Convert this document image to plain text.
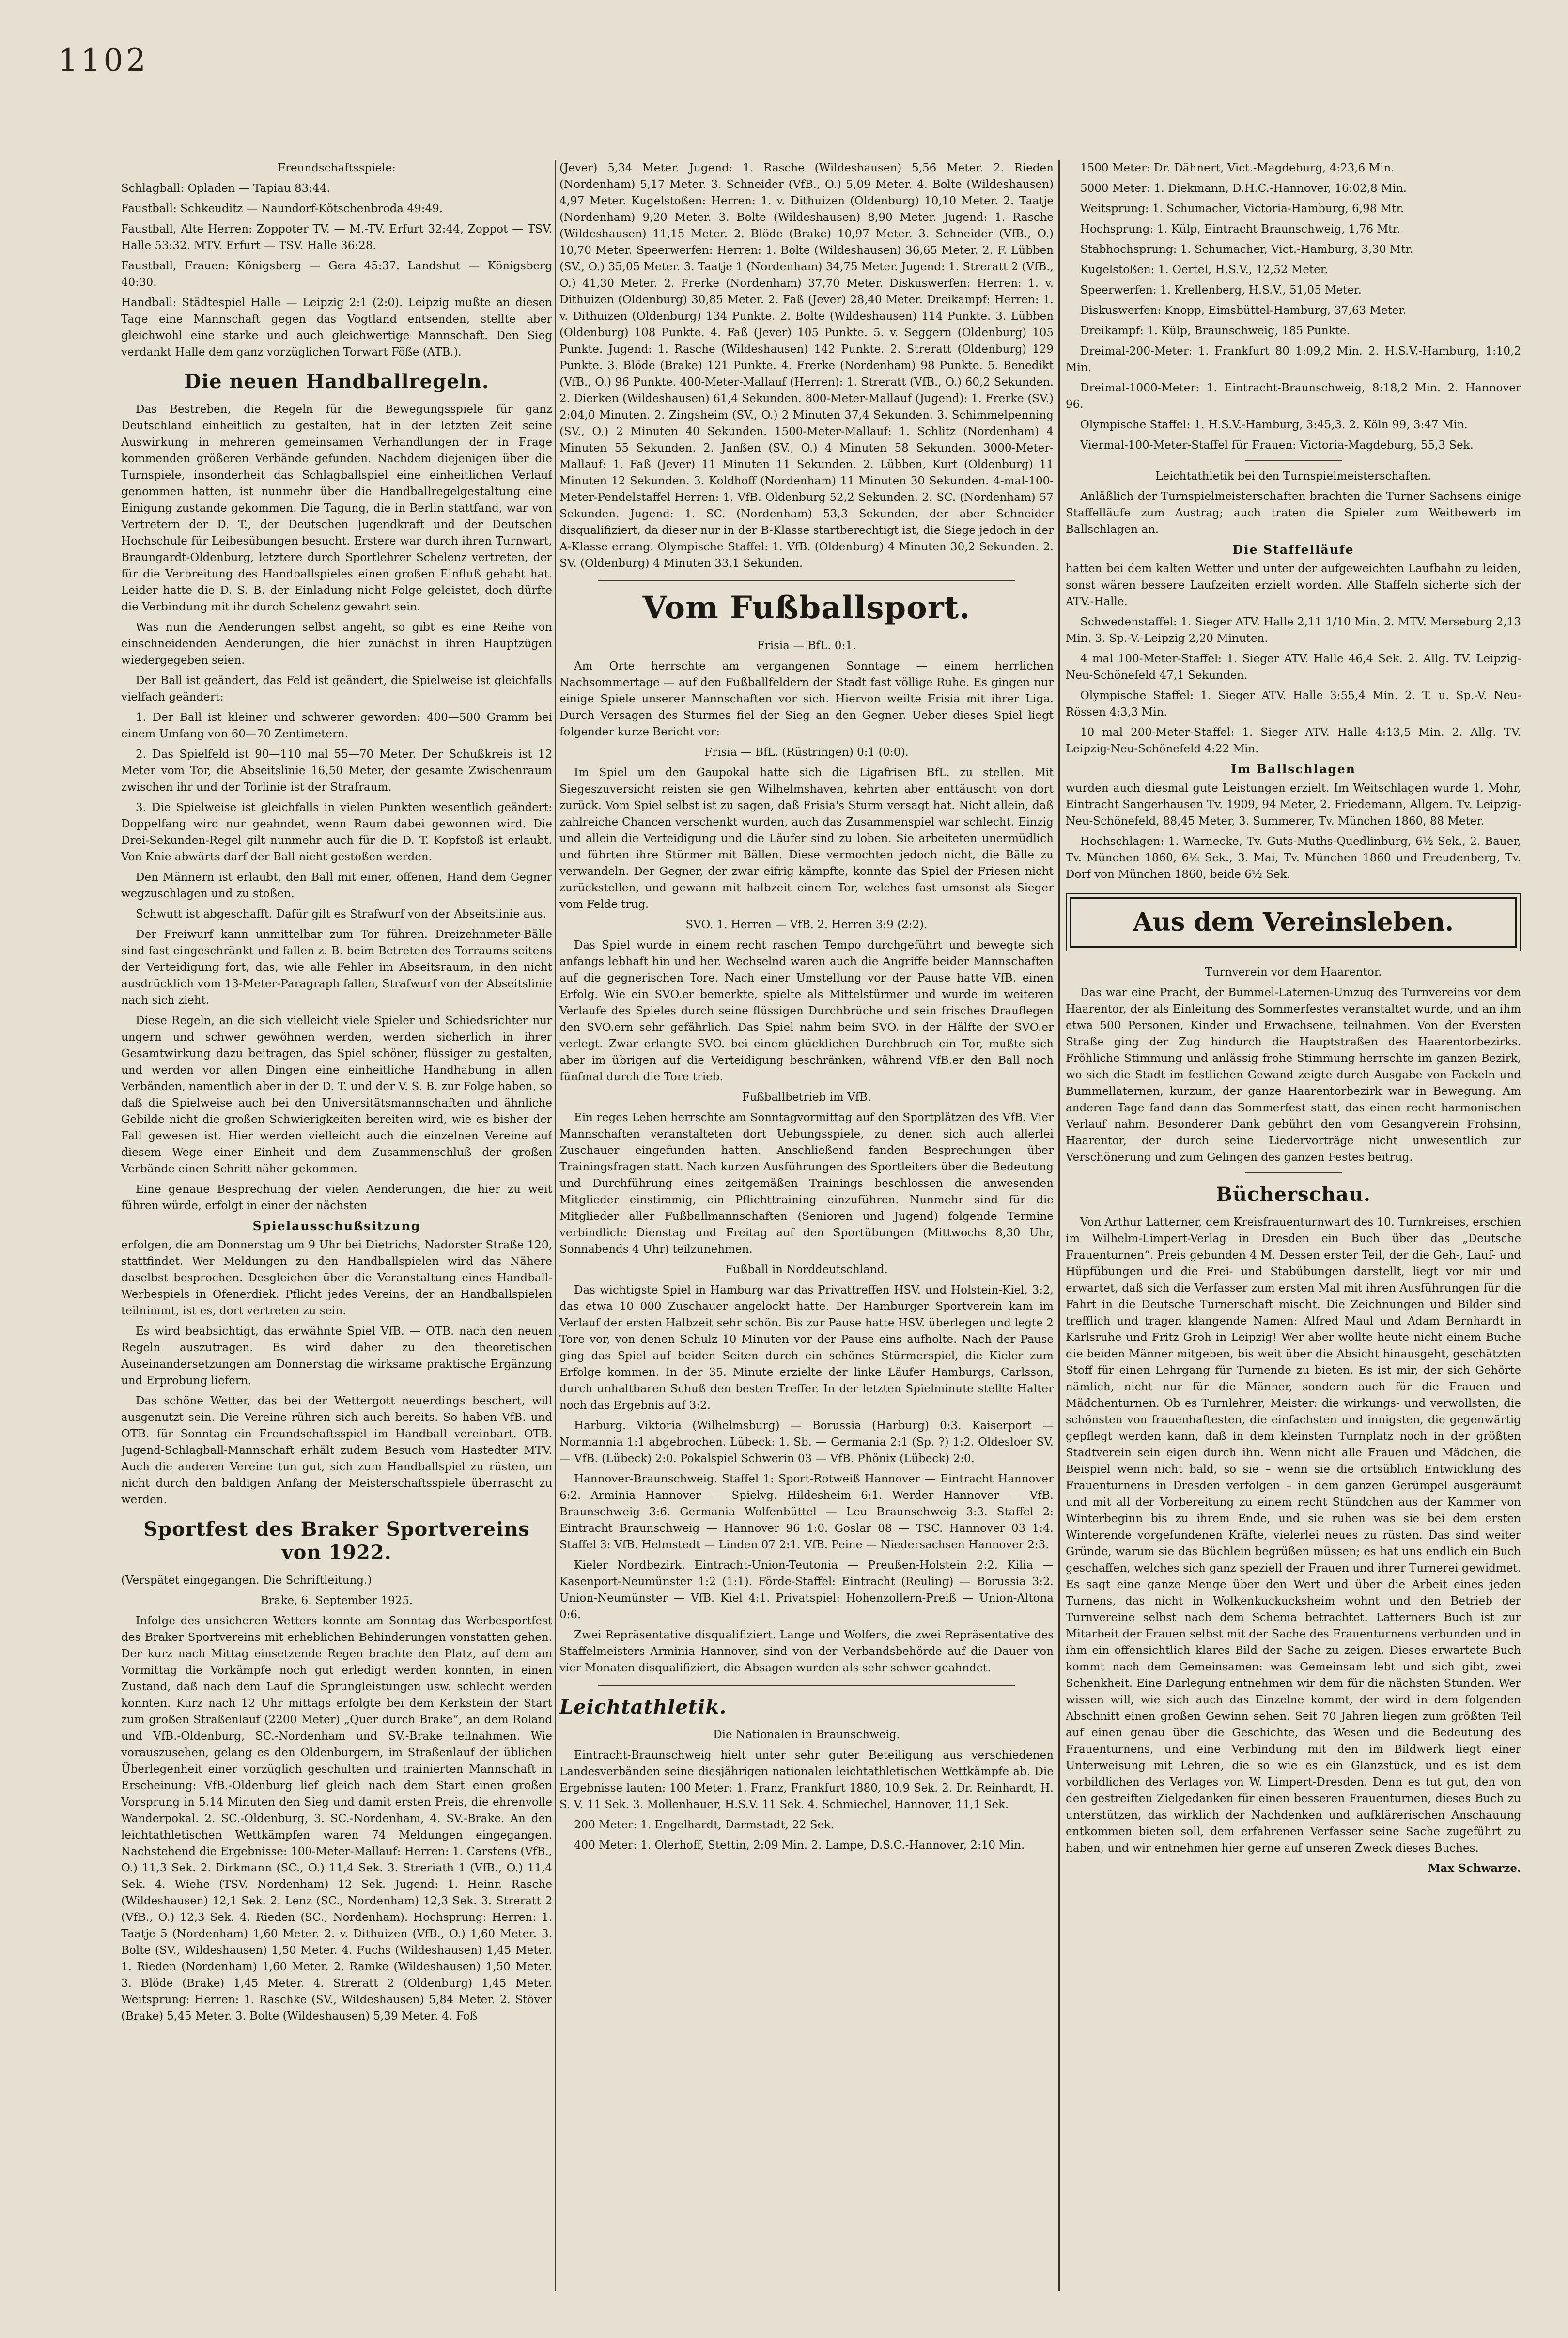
1102

Freundschaftsspiele:

Schlagball: Opladen — Tapiau 83:44.

Faustball: Schkeuditz — Naundorf-Kötschenbroda 49:49.

Faustball, Alte Herren: Zoppoter TV. — M.-TV. Erfurt 32:44, Zoppot — TSV. Halle 53:32. MTV. Erfurt — TSV. Halle 36:28.

Faustball, Frauen: Königsberg — Gera 45:37. Landshut — Königsberg 40:30.

Handball: Städtespiel Halle — Leipzig 2:1 (2:0). Leipzig mußte an diesen Tage eine Mannschaft gegen das Vogtland entsenden, stellte aber gleichwohl eine starke und auch gleichwertige Mannschaft. Den Sieg verdankt Halle dem ganz vorzüglichen Torwart Föße (ATB.).

Die neuen Handballregeln.

Das Bestreben, die Regeln für die Bewegungsspiele für ganz Deutschland einheitlich zu gestalten, hat in der letzten Zeit seine Auswirkung in mehreren gemeinsamen Verhandlungen der in Frage kommenden größeren Verbände gefunden. Nachdem diejenigen über die Turnspiele, insonderheit das Schlagballspiel eine einheitlichen Verlauf genommen hatten, ist nunmehr über die Handballregelgestaltung eine Einigung zustande gekommen. Die Tagung, die in Berlin stattfand, war von Vertretern der D. T., der Deutschen Jugendkraft und der Deutschen Hochschule für Leibesübungen besucht. Erstere war durch ihren Turnwart, Braungardt-Oldenburg, letztere durch Sportlehrer Schelenz vertreten, der für die Verbreitung des Handballspieles einen großen Einfluß gehabt hat. Leider hatte die D. S. B. der Einladung nicht Folge geleistet, doch dürfte die Verbindung mit ihr durch Schelenz gewahrt sein.

Was nun die Aenderungen selbst angeht, so gibt es eine Reihe von einschneidenden Aenderungen, die hier zunächst in ihren Hauptzügen wiedergegeben seien.

Der Ball ist geändert, das Feld ist geändert, die Spielweise ist gleichfalls vielfach geändert:

1. Der Ball ist kleiner und schwerer geworden: 400—500 Gramm bei einem Umfang von 60—70 Zentimetern.

2. Das Spielfeld ist 90—110 mal 55—70 Meter. Der Schußkreis ist 12 Meter vom Tor, die Abseitslinie 16,50 Meter, der gesamte Zwischenraum zwischen ihr und der Torlinie ist der Strafraum.

3. Die Spielweise ist gleichfalls in vielen Punkten wesentlich geändert: Doppelfang wird nur geahndet, wenn Raum dabei gewonnen wird. Die Drei-Sekunden-Regel gilt nunmehr auch für die D. T. Kopfstoß ist erlaubt. Von Knie abwärts darf der Ball nicht gestoßen werden.

Den Männern ist erlaubt, den Ball mit einer, offenen, Hand dem Gegner wegzuschlagen und zu stoßen.

Schwutt ist abgeschafft. Dafür gilt es Strafwurf von der Abseitslinie aus.

Der Freiwurf kann unmittelbar zum Tor führen. Dreizehnmeter-Bälle sind fast eingeschränkt und fallen z. B. beim Betreten des Torraums seitens der Verteidigung fort, das, wie alle Fehler im Abseitsraum, in den nicht ausdrücklich vom 13-Meter-Paragraph fallen, Strafwurf von der Abseitslinie nach sich zieht.

Diese Regeln, an die sich vielleicht viele Spieler und Schiedsrichter nur ungern und schwer gewöhnen werden, werden sicherlich in ihrer Gesamtwirkung dazu beitragen, das Spiel schöner, flüssiger zu gestalten, und werden vor allen Dingen eine einheitliche Handhabung in allen Verbänden, namentlich aber in der D. T. und der V. S. B. zur Folge haben, so daß die Spielweise auch bei den Universitätsmannschaften und ähnliche Gebilde nicht die großen Schwierigkeiten bereiten wird, wie es bisher der Fall gewesen ist. Hier werden vielleicht auch die einzelnen Vereine auf diesem Wege einer Einheit und dem Zusammenschluß der großen Verbände einen Schritt näher gekommen.

Eine genaue Besprechung der vielen Aenderungen, die hier zu weit führen würde, erfolgt in einer der nächsten

Spielausschußsitzung

erfolgen, die am Donnerstag um 9 Uhr bei Dietrichs, Nadorster Straße 120, stattfindet. Wer Meldungen zu den Handballspielen wird das Nähere daselbst besprochen. Desgleichen über die Veranstaltung eines Handball-Werbespiels in Ofenerdiek. Pflicht jedes Vereins, der an Handballspielen teilnimmt, ist es, dort vertreten zu sein.

Es wird beabsichtigt, das erwähnte Spiel VfB. — OTB. nach den neuen Regeln auszutragen. Es wird daher zu den theoretischen Auseinandersetzungen am Donnerstag die wirksame praktische Ergänzung und Erprobung liefern.

Das schöne Wetter, das bei der Wettergott neuerdings beschert, will ausgenutzt sein. Die Vereine rühren sich auch bereits. So haben VfB. und OTB. für Sonntag ein Freundschaftsspiel im Handball vereinbart. OTB. Jugend-Schlagball-Mannschaft erhält zudem Besuch vom Hastedter MTV. Auch die anderen Vereine tun gut, sich zum Handballspiel zu rüsten, um nicht durch den baldigen Anfang der Meisterschaftsspiele überrascht zu werden.

Sportfest des Braker Sportvereins von 1922.

(Verspätet eingegangen. Die Schriftleitung.)

Brake, 6. September 1925.

Infolge des unsicheren Wetters konnte am Sonntag das Werbesportfest des Braker Sportvereins mit erheblichen Behinderungen vonstatten gehen. Der kurz nach Mittag einsetzende Regen brachte den Platz, auf dem am Vormittag die Vorkämpfe noch gut erledigt werden konnten, in einen Zustand, daß nach dem Lauf die Sprungleistungen usw. schlecht werden konnten. Kurz nach 12 Uhr mittags erfolgte bei dem Kerkstein der Start zum großen Straßenlauf (2200 Meter) „Quer durch Brake“, an dem Roland und VfB.-Oldenburg, SC.-Nordenham und SV.-Brake teilnahmen. Wie vorauszusehen, gelang es den Oldenburgern, im Straßenlauf der üblichen Überlegenheit einer vorzüglich geschulten und trainierten Mannschaft in Erscheinung: VfB.-Oldenburg lief gleich nach dem Start einen großen Vorsprung in 5.14 Minuten den Sieg und damit ersten Preis, die ehrenvolle Wanderpokal. 2. SC.-Oldenburg, 3. SC.-Nordenham, 4. SV.-Brake. An den leichtathletischen Wettkämpfen waren 74 Meldungen eingegangen. Nachstehend die Ergebnisse: 100-Meter-Mallauf: Herren: 1. Carstens (VfB., O.) 11,3 Sek. 2. Dirkmann (SC., O.) 11,4 Sek. 3. Streriath 1 (VfB., O.) 11,4 Sek. 4. Wiehe (TSV. Nordenham) 12 Sek. Jugend: 1. Heinr. Rasche (Wildeshausen) 12,1 Sek. 2. Lenz (SC., Nordenham) 12,3 Sek. 3. Streratt 2 (VfB., O.) 12,3 Sek. 4. Rieden (SC., Nordenham). Hochsprung: Herren: 1. Taatje 5 (Nordenham) 1,60 Meter. 2. v. Dithuizen (VfB., O.) 1,60 Meter. 3. Bolte (SV., Wildeshausen) 1,50 Meter. 4. Fuchs (Wildeshausen) 1,45 Meter. 1. Rieden (Nordenham) 1,60 Meter. 2. Ramke (Wildeshausen) 1,50 Meter. 3. Blöde (Brake) 1,45 Meter. 4. Streratt 2 (Oldenburg) 1,45 Meter. Weitsprung: Herren: 1. Raschke (SV., Wildeshausen) 5,84 Meter. 2. Stöver (Brake) 5,45 Meter. 3. Bolte (Wildeshausen) 5,39 Meter. 4. Foß

(Jever) 5,34 Meter. Jugend: 1. Rasche (Wildeshausen) 5,56 Meter. 2. Rieden (Nordenham) 5,17 Meter. 3. Schneider (VfB., O.) 5,09 Meter. 4. Bolte (Wildeshausen) 4,97 Meter. Kugelstoßen: Herren: 1. v. Dithuizen (Oldenburg) 10,10 Meter. 2. Taatje (Nordenham) 9,20 Meter. 3. Bolte (Wildeshausen) 8,90 Meter. Jugend: 1. Rasche (Wildeshausen) 11,15 Meter. 2. Blöde (Brake) 10,97 Meter. 3. Schneider (VfB., O.) 10,70 Meter. Speerwerfen: Herren: 1. Bolte (Wildeshausen) 36,65 Meter. 2. F. Lübben (SV., O.) 35,05 Meter. 3. Taatje 1 (Nordenham) 34,75 Meter. Jugend: 1. Streratt 2 (VfB., O.) 41,30 Meter. 2. Frerke (Nordenham) 37,70 Meter. Diskuswerfen: Herren: 1. v. Dithuizen (Oldenburg) 30,85 Meter. 2. Faß (Jever) 28,40 Meter. Dreikampf: Herren: 1. v. Dithuizen (Oldenburg) 134 Punkte. 2. Bolte (Wildeshausen) 114 Punkte. 3. Lübben (Oldenburg) 108 Punkte. 4. Faß (Jever) 105 Punkte. 5. v. Seggern (Oldenburg) 105 Punkte. Jugend: 1. Rasche (Wildeshausen) 142 Punkte. 2. Streratt (Oldenburg) 129 Punkte. 3. Blöde (Brake) 121 Punkte. 4. Frerke (Nordenham) 98 Punkte. 5. Benedikt (VfB., O.) 96 Punkte. 400-Meter-Mallauf (Herren): 1. Streratt (VfB., O.) 60,2 Sekunden. 2. Dierken (Wildeshausen) 61,4 Sekunden. 800-Meter-Mallauf (Jugend): 1. Frerke (SV.) 2:04,0 Minuten. 2. Zingsheim (SV., O.) 2 Minuten 37,4 Sekunden. 3. Schimmelpenning (SV., O.) 2 Minuten 40 Sekunden. 1500-Meter-Mallauf: 1. Schlitz (Nordenham) 4 Minuten 55 Sekunden. 2. Janßen (SV., O.) 4 Minuten 58 Sekunden. 3000-Meter-Mallauf: 1. Faß (Jever) 11 Minuten 11 Sekunden. 2. Lübben, Kurt (Oldenburg) 11 Minuten 12 Sekunden. 3. Koldhoff (Nordenham) 11 Minuten 30 Sekunden. 4-mal-100-Meter-Pendelstaffel Herren: 1. VfB. Oldenburg 52,2 Sekunden. 2. SC. (Nordenham) 57 Sekunden. Jugend: 1. SC. (Nordenham) 53,3 Sekunden, der aber Schneider disqualifiziert, da dieser nur in der B-Klasse startberechtigt ist, die Siege jedoch in der A-Klasse errang. Olympische Staffel: 1. VfB. (Oldenburg) 4 Minuten 30,2 Sekunden. 2. SV. (Oldenburg) 4 Minuten 33,1 Sekunden.

Vom Fußballsport.

Frisia — BfL. 0:1.

Am Orte herrschte am vergangenen Sonntage — einem herrlichen Nachsommertage — auf den Fußballfeldern der Stadt fast völlige Ruhe. Es gingen nur einige Spiele unserer Mannschaften vor sich. Hiervon weilte Frisia mit ihrer Liga. Durch Versagen des Sturmes fiel der Sieg an den Gegner. Ueber dieses Spiel liegt folgender kurze Bericht vor:

Frisia — BfL. (Rüstringen) 0:1 (0:0).

Im Spiel um den Gaupokal hatte sich die Ligafrisen BfL. zu stellen. Mit Siegeszuversicht reisten sie gen Wilhelmshaven, kehrten aber enttäuscht von dort zurück. Vom Spiel selbst ist zu sagen, daß Frisia's Sturm versagt hat. Nicht allein, daß zahlreiche Chancen verschenkt wurden, auch das Zusammenspiel war schlecht. Einzig und allein die Verteidigung und die Läufer sind zu loben. Sie arbeiteten unermüdlich und führten ihre Stürmer mit Bällen. Diese vermochten jedoch nicht, die Bälle zu verwandeln. Der Gegner, der zwar eifrig kämpfte, konnte das Spiel der Friesen nicht zurückstellen, und gewann mit halbzeit einem Tor, welches fast umsonst als Sieger vom Felde trug.

SVO. 1. Herren — VfB. 2. Herren 3:9 (2:2).

Das Spiel wurde in einem recht raschen Tempo durchgeführt und bewegte sich anfangs lebhaft hin und her. Wechselnd waren auch die Angriffe beider Mannschaften auf die gegnerischen Tore. Nach einer Umstellung vor der Pause hatte VfB. einen Erfolg. Wie ein SVO.er bemerkte, spielte als Mittelstürmer und wurde im weiteren Verlaufe des Spieles durch seine flüssigen Durchbrüche und sein frisches Drauflegen den SVO.ern sehr gefährlich. Das Spiel nahm beim SVO. in der Hälfte der SVO.er verlegt. Zwar erlangte SVO. bei einem glücklichen Durchbruch ein Tor, mußte sich aber im übrigen auf die Verteidigung beschränken, während VfB.er den Ball noch fünfmal durch die Tore trieb.

Fußballbetrieb im VfB.

Ein reges Leben herrschte am Sonntagvormittag auf den Sportplätzen des VfB. Vier Mannschaften veranstalteten dort Uebungsspiele, zu denen sich auch allerlei Zuschauer eingefunden hatten. Anschließend fanden Besprechungen über Trainingsfragen statt. Nach kurzen Ausführungen des Sportleiters über die Bedeutung und Durchführung eines zeitgemäßen Trainings beschlossen die anwesenden Mitglieder einstimmig, ein Pflichttraining einzuführen. Nunmehr sind für die Mitglieder aller Fußballmannschaften (Senioren und Jugend) folgende Termine verbindlich: Dienstag und Freitag auf den Sportübungen (Mittwochs 8,30 Uhr, Sonnabends 4 Uhr) teilzunehmen.

Fußball in Norddeutschland.

Das wichtigste Spiel in Hamburg war das Privattreffen HSV. und Holstein-Kiel, 3:2, das etwa 10 000 Zuschauer angelockt hatte. Der Hamburger Sportverein kam im Verlauf der ersten Halbzeit sehr schön. Bis zur Pause hatte HSV. überlegen und legte 2 Tore vor, von denen Schulz 10 Minuten vor der Pause eins aufholte. Nach der Pause ging das Spiel auf beiden Seiten durch ein schönes Stürmerspiel, die Kieler zum Erfolge kommen. In der 35. Minute erzielte der linke Läufer Hamburgs, Carlsson, durch unhaltbaren Schuß den besten Treffer. In der letzten Spielminute stellte Halter noch das Ergebnis auf 3:2.

Harburg. Viktoria (Wilhelmsburg) — Borussia (Harburg) 0:3. Kaiserport — Normannia 1:1 abgebrochen. Lübeck: 1. Sb. — Germania 2:1 (Sp. ?) 1:2. Oldesloer SV. — VfB. (Lübeck) 2:0. Pokalspiel Schwerin 03 — VfB. Phönix (Lübeck) 2:0.

Hannover-Braunschweig. Staffel 1: Sport-Rotweiß Hannover — Eintracht Hannover 6:2. Arminia Hannover — Spielvg. Hildesheim 6:1. Werder Hannover — VfB. Braunschweig 3:6. Germania Wolfenbüttel — Leu Braunschweig 3:3. Staffel 2: Eintracht Braunschweig — Hannover 96 1:0. Goslar 08 — TSC. Hannover 03 1:4. Staffel 3: VfB. Helmstedt — Linden 07 2:1. VfB. Peine — Niedersachsen Hannover 2:3.

Kieler Nordbezirk. Eintracht-Union-Teutonia — Preußen-Holstein 2:2. Kilia — Kasenport-Neumünster 1:2 (1:1). Förde-Staffel: Eintracht (Reuling) — Borussia 3:2. Union-Neumünster — VfB. Kiel 4:1. Privatspiel: Hohenzollern-Preiß — Union-Altona 0:6.

Zwei Repräsentative disqualifiziert. Lange und Wolfers, die zwei Repräsentative des Staffelmeisters Arminia Hannover, sind von der Verbandsbehörde auf die Dauer von vier Monaten disqualifiziert, die Absagen wurden als sehr schwer geahndet.

Leichtathletik.

Die Nationalen in Braunschweig.

Eintracht-Braunschweig hielt unter sehr guter Beteiligung aus verschiedenen Landesverbänden seine diesjährigen nationalen leichtathletischen Wettkämpfe ab. Die Ergebnisse lauten: 100 Meter: 1. Franz, Frankfurt 1880, 10,9 Sek. 2. Dr. Reinhardt, H. S. V. 11 Sek. 3. Mollenhauer, H.S.V. 11 Sek. 4. Schmiechel, Hannover, 11,1 Sek.

200 Meter: 1. Engelhardt, Darmstadt, 22 Sek.

400 Meter: 1. Olerhoff, Stettin, 2:09 Min. 2. Lampe, D.S.C.-Hannover, 2:10 Min.

1500 Meter: Dr. Dähnert, Vict.-Magdeburg, 4:23,6 Min.

5000 Meter: 1. Diekmann, D.H.C.-Hannover, 16:02,8 Min.

Weitsprung: 1. Schumacher, Victoria-Hamburg, 6,98 Mtr.

Hochsprung: 1. Külp, Eintracht Braunschweig, 1,76 Mtr.

Stabhochsprung: 1. Schumacher, Vict.-Hamburg, 3,30 Mtr.

Kugelstoßen: 1. Oertel, H.S.V., 12,52 Meter.

Speerwerfen: 1. Krellenberg, H.S.V., 51,05 Meter.

Diskuswerfen: Knopp, Eimsbüttel-Hamburg, 37,63 Meter.

Dreikampf: 1. Külp, Braunschweig, 185 Punkte.

Dreimal-200-Meter: 1. Frankfurt 80 1:09,2 Min. 2. H.S.V.-Hamburg, 1:10,2 Min.

Dreimal-1000-Meter: 1. Eintracht-Braunschweig, 8:18,2 Min. 2. Hannover 96.

Olympische Staffel: 1. H.S.V.-Hamburg, 3:45,3. 2. Köln 99, 3:47 Min.

Viermal-100-Meter-Staffel für Frauen: Victoria-Magdeburg, 55,3 Sek.

Leichtathletik bei den Turnspielmeisterschaften.

Anläßlich der Turnspielmeisterschaften brachten die Turner Sachsens einige Staffelläufe zum Austrag; auch traten die Spieler zum Weitbewerb im Ballschlagen an.

Die Staffelläufe

hatten bei dem kalten Wetter und unter der aufgeweichten Laufbahn zu leiden, sonst wären bessere Laufzeiten erzielt worden. Alle Staffeln sicherte sich der ATV.-Halle.

Schwedenstaffel: 1. Sieger ATV. Halle 2,11 1/10 Min. 2. MTV. Merseburg 2,13 Min. 3. Sp.-V.-Leipzig 2,20 Minuten.

4 mal 100-Meter-Staffel: 1. Sieger ATV. Halle 46,4 Sek. 2. Allg. TV. Leipzig-Neu-Schönefeld 47,1 Sekunden.

Olympische Staffel: 1. Sieger ATV. Halle 3:55,4 Min. 2. T. u. Sp.-V. Neu-Rössen 4:3,3 Min.

10 mal 200-Meter-Staffel: 1. Sieger ATV. Halle 4:13,5 Min. 2. Allg. TV. Leipzig-Neu-Schönefeld 4:22 Min.

Im Ballschlagen

wurden auch diesmal gute Leistungen erzielt. Im Weitschlagen wurde 1. Mohr, Eintracht Sangerhausen Tv. 1909, 94 Meter, 2. Friedemann, Allgem. Tv. Leipzig-Neu-Schönefeld, 88,45 Meter, 3. Summerer, Tv. München 1860, 88 Meter.

Hochschlagen: 1. Warnecke, Tv. Guts-Muths-Quedlinburg, 6½ Sek., 2. Bauer, Tv. München 1860, 6½ Sek., 3. Mai, Tv. München 1860 und Freudenberg, Tv. Dorf von München 1860, beide 6½ Sek.

Aus dem Vereinsleben.

Turnverein vor dem Haarentor.

Das war eine Pracht, der Bummel-Laternen-Umzug des Turnvereins vor dem Haarentor, der als Einleitung des Sommerfestes veranstaltet wurde, und an ihm etwa 500 Personen, Kinder und Erwachsene, teilnahmen. Von der Eversten Straße ging der Zug hindurch die Hauptstraßen des Haarentorbezirks. Fröhliche Stimmung und anlässig frohe Stimmung herrschte im ganzen Bezirk, wo sich die Stadt im festlichen Gewand zeigte durch Ausgabe von Fackeln und Bummellaternen, kurzum, der ganze Haarentorbezirk war in Bewegung. Am anderen Tage fand dann das Sommerfest statt, das einen recht harmonischen Verlauf nahm. Besonderer Dank gebührt den vom Gesangverein Frohsinn, Haarentor, der durch seine Liedervorträge nicht unwesentlich zur Verschönerung und zum Gelingen des ganzen Festes beitrug.

Bücherschau.

Von Arthur Latterner, dem Kreisfrauenturnwart des 10. Turnkreises, erschien im Wilhelm-Limpert-Verlag in Dresden ein Buch über das „Deutsche Frauenturnen“. Preis gebunden 4 M. Dessen erster Teil, der die Geh-, Lauf- und Hüpfübungen und die Frei- und Stabübungen darstellt, liegt vor mir und erwartet, daß sich die Verfasser zum ersten Mal mit ihren Ausführungen für die Fahrt in die Deutsche Turnerschaft mischt. Die Zeichnungen und Bilder sind trefflich und tragen klangende Namen: Alfred Maul und Adam Bernhardt in Karlsruhe und Fritz Groh in Leipzig! Wer aber wollte heute nicht einem Buche die beiden Männer mitgeben, bis weit über die Absicht hinausgeht, geschätzten Stoff für einen Lehrgang für Turnende zu bieten. Es ist mir, der sich Gehörte nämlich, nicht nur für die Männer, sondern auch für die Frauen und Mädchenturnen. Ob es Turnlehrer, Meister: die wirkungs- und verwollsten, die schönsten von frauenhaftesten, die einfachsten und innigsten, die gegenwärtig gepflegt werden kann, daß in dem kleinsten Turnplatz noch in der größten Stadtverein sein eigen durch ihn. Wenn nicht alle Frauen und Mädchen, die Beispiel wenn nicht bald, so sie – wenn sie die ortsüblich Entwicklung des Frauenturnens in Dresden verfolgen – in dem ganzen Gerümpel ausgeräumt und mit all der Vorbereitung zu einem recht Stündchen aus der Kammer von Winterbeginn bis zu ihrem Ende, und sie ruhen was sie bei dem ersten Winterende vorgefundenen Kräfte, vielerlei neues zu rüsten. Das sind weiter Gründe, warum sie das Büchlein begrüßen müssen; es hat uns endlich ein Buch geschaffen, welches sich ganz speziell der Frauen und ihrer Turnerei gewidmet. Es sagt eine ganze Menge über den Wert und über die Arbeit eines jeden Turnens, das nicht in Wolkenkuckucksheim wohnt und den Betrieb der Turnvereine selbst nach dem Schema betrachtet. Latterners Buch ist zur Mitarbeit der Frauen selbst mit der Sache des Frauenturnens verbunden und in ihm ein offensichtlich klares Bild der Sache zu zeigen. Dieses erwartete Buch kommt nach dem Gemeinsamen: was Gemeinsam lebt und sich gibt, zwei Schenkheit. Eine Darlegung entnehmen wir dem für die nächsten Stunden. Wer wissen will, wie sich auch das Einzelne kommt, der wird in dem folgenden Abschnitt einen großen Gewinn sehen. Seit 70 Jahren liegen zum größten Teil auf einen genau über die Geschichte, das Wesen und die Bedeutung des Frauenturnens, und eine Verbindung mit den im Bildwerk liegt einer Unterweisung mit Lehren, die so wie es ein Glanzstück, und es ist dem vorbildlichen des Verlages von W. Limpert-Dresden. Denn es tut gut, den von den gestreiften Zielgedanken für einen besseren Frauenturnen, dieses Buch zu unterstützen, das wirklich der Nachdenken und aufklärerischen Anschauung entkommen bieten soll, dem erfahrenen Verfasser seine Sache zugeführt zu haben, und wir entnehmen hier gerne auf unseren Zweck dieses Buches.

Max Schwarze.
